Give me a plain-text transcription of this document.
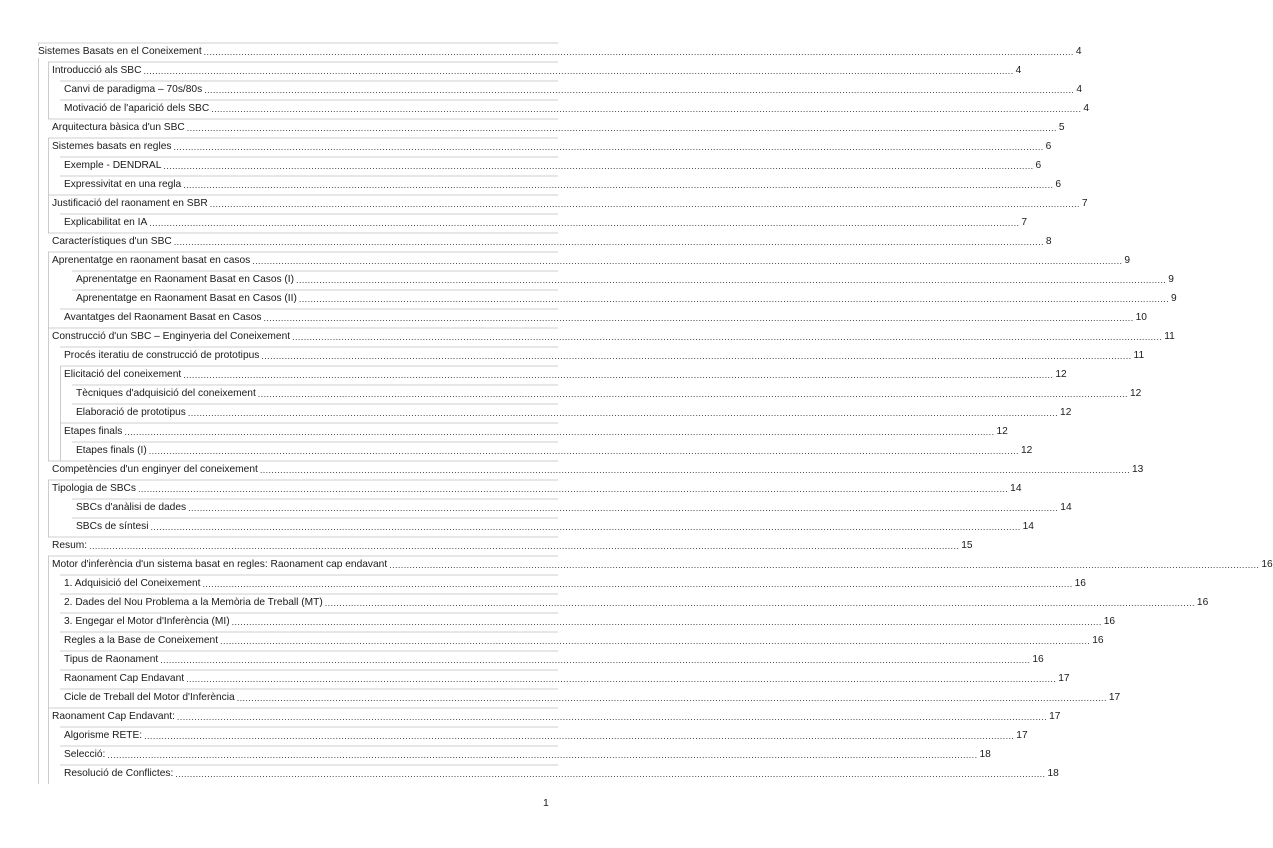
Sistemes Basats en el Coneixement ............................................................................................................................................................................................................................................................................................................ 4
Introducció als SBC ............................................................................................................................................................................................................................................................................................................ 4
Canvi de paradigma – 70s/80s ............................................................................................................................................................................................................................................................................................................ 4
Motivació de l'aparició dels SBC ............................................................................................................................................................................................................................................................................................................ 4
Arquitectura bàsica d'un SBC ............................................................................................................................................................................................................................................................................................................ 5
Sistemes basats en regles ............................................................................................................................................................................................................................................................................................................ 6
Exemple - DENDRAL ............................................................................................................................................................................................................................................................................................................ 6
Expressivitat en una regla ............................................................................................................................................................................................................................................................................................................ 6
Justificació del raonament en SBR ............................................................................................................................................................................................................................................................................................................ 7
Explicabilitat en IA ............................................................................................................................................................................................................................................................................................................ 7
Característiques d'un SBC ............................................................................................................................................................................................................................................................................................................ 8
Aprenentatge en raonament basat en casos ............................................................................................................................................................................................................................................................................................................ 9
Aprenentatge en Raonament Basat en Casos (I) ............................................................................................................................................................................................................................................................................................................ 9
Aprenentatge en Raonament Basat en Casos (II) ............................................................................................................................................................................................................................................................................................................ 9
Avantatges del Raonament Basat en Casos ............................................................................................................................................................................................................................................................................................................ 10
Construcció d'un SBC – Enginyeria del Coneixement ............................................................................................................................................................................................................................................................................................................ 11
Procés iteratiu de construcció de prototipus ............................................................................................................................................................................................................................................................................................................ 11
Elicitació del coneixement ............................................................................................................................................................................................................................................................................................................ 12
Tècniques d'adquisició del coneixement ............................................................................................................................................................................................................................................................................................................ 12
Elaboració de prototipus ............................................................................................................................................................................................................................................................................................................ 12
Etapes finals ............................................................................................................................................................................................................................................................................................................ 12
Etapes finals (I) ............................................................................................................................................................................................................................................................................................................ 12
Competències d'un enginyer del coneixement ............................................................................................................................................................................................................................................................................................................ 13
Tipologia de SBCs ............................................................................................................................................................................................................................................................................................................ 14
SBCs d'anàlisi de dades ............................................................................................................................................................................................................................................................................................................ 14
SBCs de síntesi ............................................................................................................................................................................................................................................................................................................ 14
Resum: ............................................................................................................................................................................................................................................................................................................ 15
Motor d'inferència d'un sistema basat en regles: Raonament cap endavant ............................................................................................................................................................................................................................................................................................................ 16
1. Adquisició del Coneixement ............................................................................................................................................................................................................................................................................................................ 16
2. Dades del Nou Problema a la Memòria de Treball (MT) ............................................................................................................................................................................................................................................................................................................ 16
3. Engegar el Motor d'Inferència (MI) ............................................................................................................................................................................................................................................................................................................ 16
Regles a la Base de Coneixement ............................................................................................................................................................................................................................................................................................................ 16
Tipus de Raonament ............................................................................................................................................................................................................................................................................................................ 16
Raonament Cap Endavant ............................................................................................................................................................................................................................................................................................................ 17
Cicle de Treball del Motor d'Inferència ............................................................................................................................................................................................................................................................................................................ 17
Raonament Cap Endavant: ............................................................................................................................................................................................................................................................................................................ 17
Algorisme RETE: ............................................................................................................................................................................................................................................................................................................ 17
Selecció: ............................................................................................................................................................................................................................................................................................................ 18
Resolució de Conflictes: ............................................................................................................................................................................................................................................................................................................ 18
1
